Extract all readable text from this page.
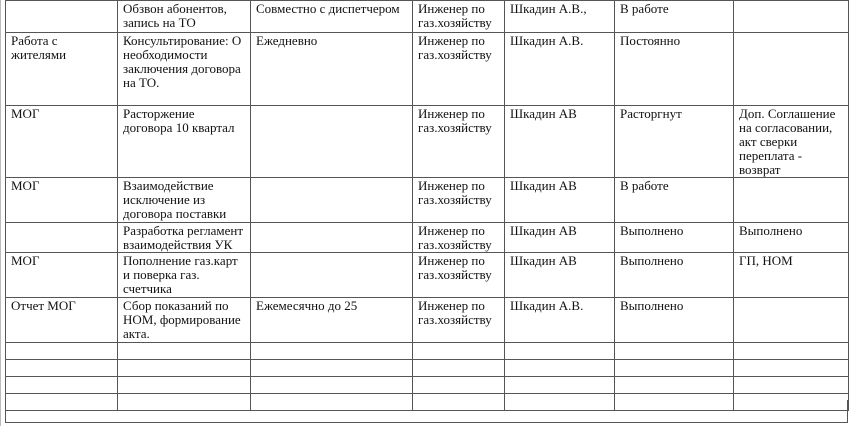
	Обзвон абонентов, запись на ТО	Совместно с диспетчером	Инженер по газ.хозяйству	Шкадин А.В.,	В работе	
Работа с жителями	Консультирование: О необходимости заключения договора на ТО.	Ежедневно	Инженер по газ.хозяйству	Шкадин А.В.	Постоянно	
МОГ	Расторжение договора 10 квартал		Инженер по газ.хозяйству	Шкадин АВ	Расторгнут	Доп. Соглашение на согласовании, акт сверки переплата - возврат
МОГ	Взаимодействие исключение из договора поставки		Инженер по газ.хозяйству	Шкадин АВ	В работе	
	Разработка регламент взаимодействия УК		Инженер по газ.хозяйству	Шкадин АВ	Выполнено	Выполнено
МОГ	Пополнение газ.карт и поверка газ. счетчика		Инженер по газ.хозяйству	Шкадин АВ	Выполнено	ГП, НОМ
Отчет МОГ	Сбор показаний по НОМ, формирование акта.	Ежемесячно до 25	Инженер по газ.хозяйству	Шкадин А.В.	Выполнено	
